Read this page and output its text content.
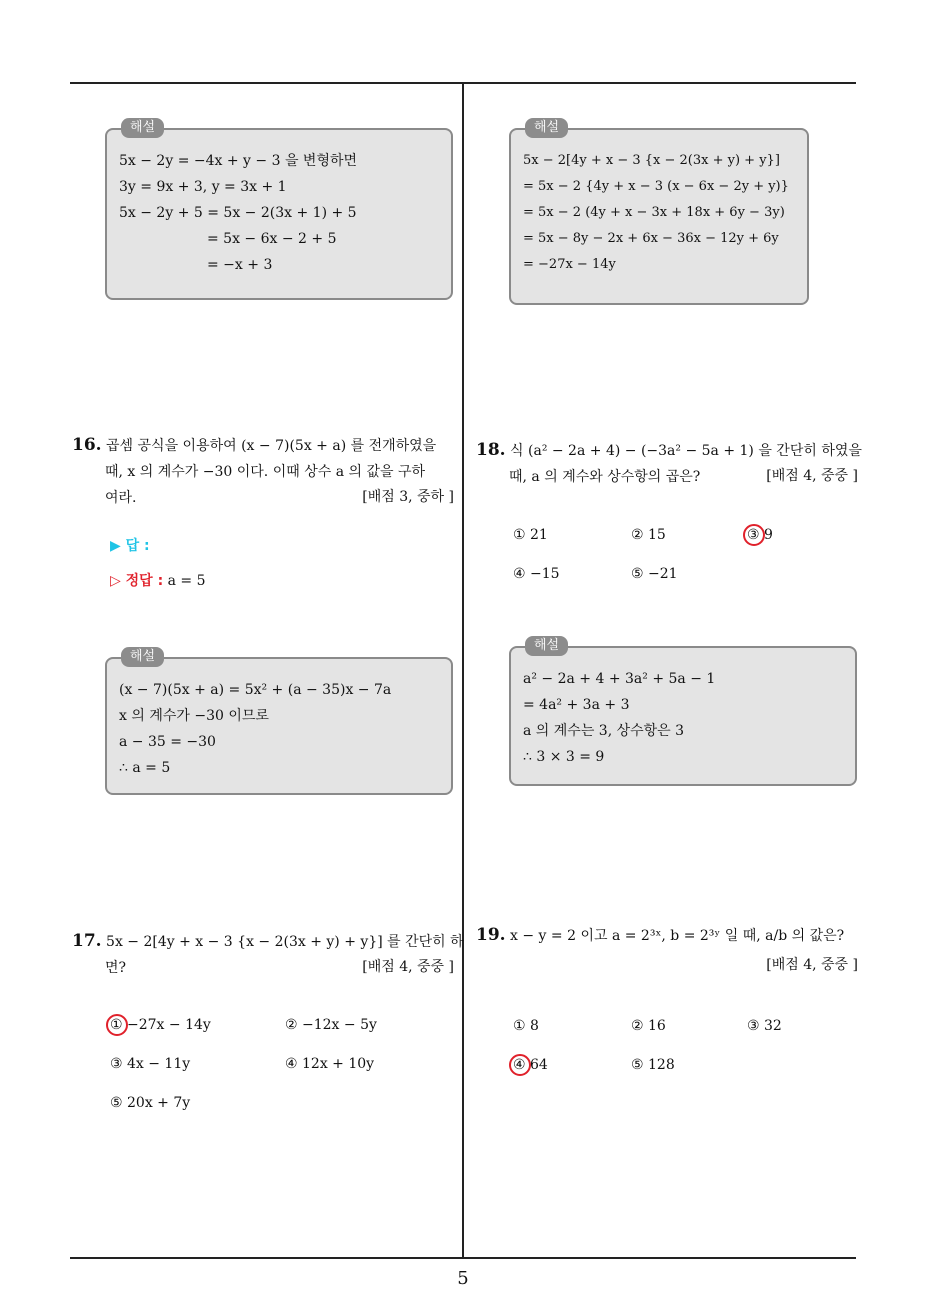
해설
5x − 2y = −4x + y − 3 을 변형하면
3y = 9x + 3, y = 3x + 1
5x − 2y + 5 = 5x − 2(3x + 1) + 5
= 5x − 6x − 2 + 5
= −x + 3
해설
5x − 2[4y + x − 3 {x − 2(3x + y) + y}]
= 5x − 2 {4y + x − 3 (x − 6x − 2y + y)}
= 5x − 2 (4y + x − 3x + 18x + 6y − 3y)
= 5x − 8y − 2x + 6x − 36x − 12y + 6y
= −27x − 14y
16. 곱셈 공식을 이용하여 (x − 7)(5x + a) 를 전개하였을
때, x 의 계수가 −30 이다. 이때 상수 a 의 값을 구하
여라.	[배점 3, 중하 ]
▶ 답 :
▷ 정답 : a = 5
해설
(x − 7)(5x + a) = 5x² + (a − 35)x − 7a
x 의 계수가 −30 이므로
a − 35 = −30
∴ a = 5
17. 5x − 2[4y + x − 3 {x − 2(3x + y) + y}] 를 간단히 하
면?	[배점 4, 중중 ]
① −27x − 14y	② −12x − 5y
③ 4x − 11y	④ 12x + 10y
⑤ 20x + 7y
18. 식 (a² − 2a + 4) − (−3a² − 5a + 1) 을 간단히 하였을
때, a 의 계수와 상수항의 곱은?	[배점 4, 중중 ]
① 21	② 15	③ 9
④ −15	⑤ −21
해설
a² − 2a + 4 + 3a² + 5a − 1
= 4a² + 3a + 3
a 의 계수는 3, 상수항은 3
∴ 3 × 3 = 9
19. x − y = 2 이고 a = 2³ˣ, b = 2³ʸ 일 때, a/b 의 값은?
[배점 4, 중중 ]
① 8	② 16	③ 32
④ 64	⑤ 128
5
